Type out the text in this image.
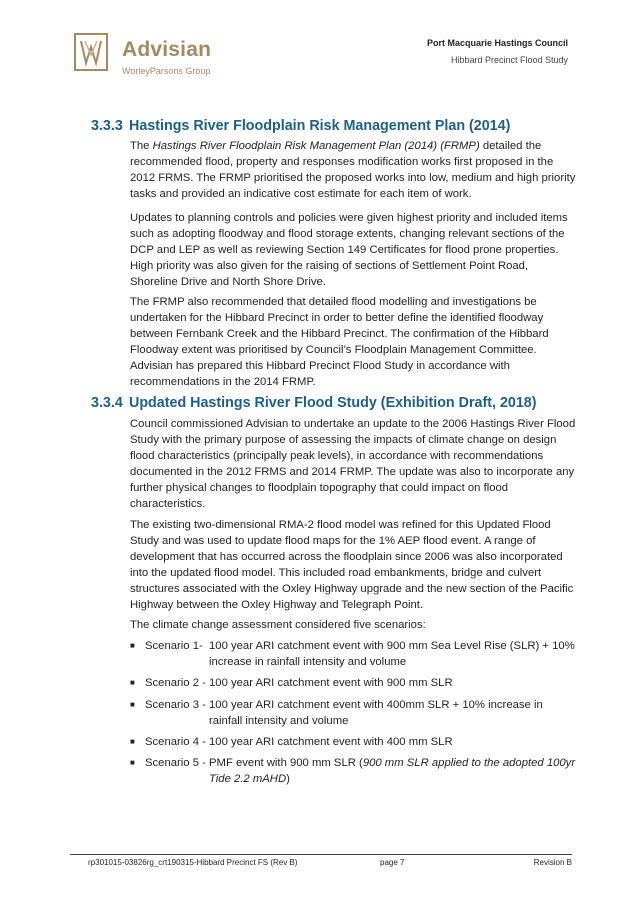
Advisian
WorleyParsons Group
Port Macquarie Hastings Council
Hibbard Precinct Flood Study
3.3.3 Hastings River Floodplain Risk Management Plan (2014)
The Hastings River Floodplain Risk Management Plan (2014) (FRMP) detailed the recommended flood, property and responses modification works first proposed in the 2012 FRMS. The FRMP prioritised the proposed works into low, medium and high priority tasks and provided an indicative cost estimate for each item of work.
Updates to planning controls and policies were given highest priority and included items such as adopting floodway and flood storage extents, changing relevant sections of the DCP and LEP as well as reviewing Section 149 Certificates for flood prone properties. High priority was also given for the raising of sections of Settlement Point Road, Shoreline Drive and North Shore Drive.
The FRMP also recommended that detailed flood modelling and investigations be undertaken for the Hibbard Precinct in order to better define the identified floodway between Fernbank Creek and the Hibbard Precinct. The confirmation of the Hibbard Floodway extent was prioritised by Council’s Floodplain Management Committee. Advisian has prepared this Hibbard Precinct Flood Study in accordance with recommendations in the 2014 FRMP.
3.3.4 Updated Hastings River Flood Study (Exhibition Draft, 2018)
Council commissioned Advisian to undertake an update to the 2006 Hastings River Flood Study with the primary purpose of assessing the impacts of climate change on design flood characteristics (principally peak levels), in accordance with recommendations documented in the 2012 FRMS and 2014 FRMP. The update was also to incorporate any further physical changes to floodplain topography that could impact on flood characteristics.
The existing two-dimensional RMA-2 flood model was refined for this Updated Flood Study and was used to update flood maps for the 1% AEP flood event. A range of development that has occurred across the floodplain since 2006 was also incorporated into the updated flood model. This included road embankments, bridge and culvert structures associated with the Oxley Highway upgrade and the new section of the Pacific Highway between the Oxley Highway and Telegraph Point.
The climate change assessment considered five scenarios:
■ Scenario 1- 100 year ARI catchment event with 900 mm Sea Level Rise (SLR) + 10% increase in rainfall intensity and volume
■ Scenario 2 - 100 year ARI catchment event with 900 mm SLR
■ Scenario 3 - 100 year ARI catchment event with 400mm SLR + 10% increase in rainfall intensity and volume
■ Scenario 4 - 100 year ARI catchment event with 400 mm SLR
■ Scenario 5 - PMF event with 900 mm SLR (900 mm SLR applied to the adopted 100yr Tide 2.2 mAHD)
rp301015-03826rg_crt190315-Hibbard Precinct FS (Rev B)	page 7	Revision B
